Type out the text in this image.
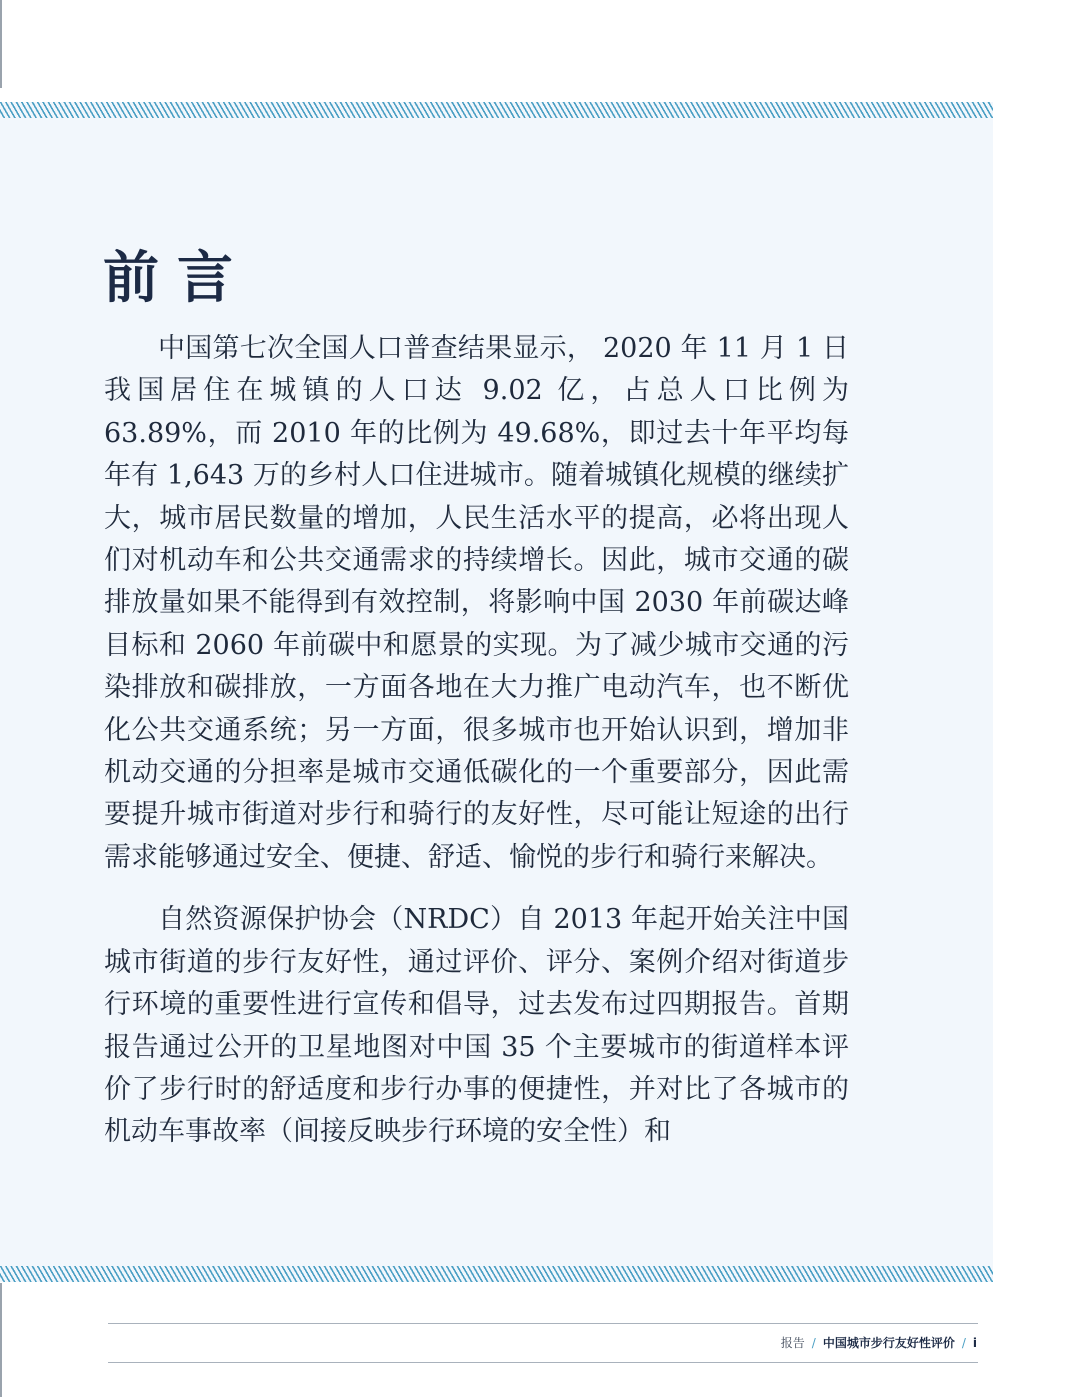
前言

中国第七次全国人口普查结果显示， 2020 年 11 月 1 日我国居住在城镇的人口达 9.02 亿，占总人口比例为 63.89%，而 2010 年的比例为 49.68%，即过去十年平均每年有 1,643 万的乡村人口住进城市。随着城镇化规模的继续扩大，城市居民数量的增加，人民生活水平的提高，必将出现人们对机动车和公共交通需求的持续增长。因此，城市交通的碳排放量如果不能得到有效控制，将影响中国 2030 年前碳达峰目标和 2060 年前碳中和愿景的实现。为了减少城市交通的污染排放和碳排放，一方面各地在大力推广电动汽车，也不断优化公共交通系统；另一方面，很多城市也开始认识到，增加非机动交通的分担率是城市交通低碳化的一个重要部分，因此需要提升城市街道对步行和骑行的友好性，尽可能让短途的出行需求能够通过安全、便捷、舒适、愉悦的步行和骑行来解决。

自然资源保护协会（NRDC）自 2013 年起开始关注中国城市街道的步行友好性，通过评价、评分、案例介绍对街道步行环境的重要性进行宣传和倡导，过去发布过四期报告。首期报告通过公开的卫星地图对中国 35 个主要城市的街道样本评价了步行时的舒适度和步行办事的便捷性，并对比了各城市的机动车事故率（间接反映步行环境的安全性）和

报告 / 中国城市步行友好性评价 / i
